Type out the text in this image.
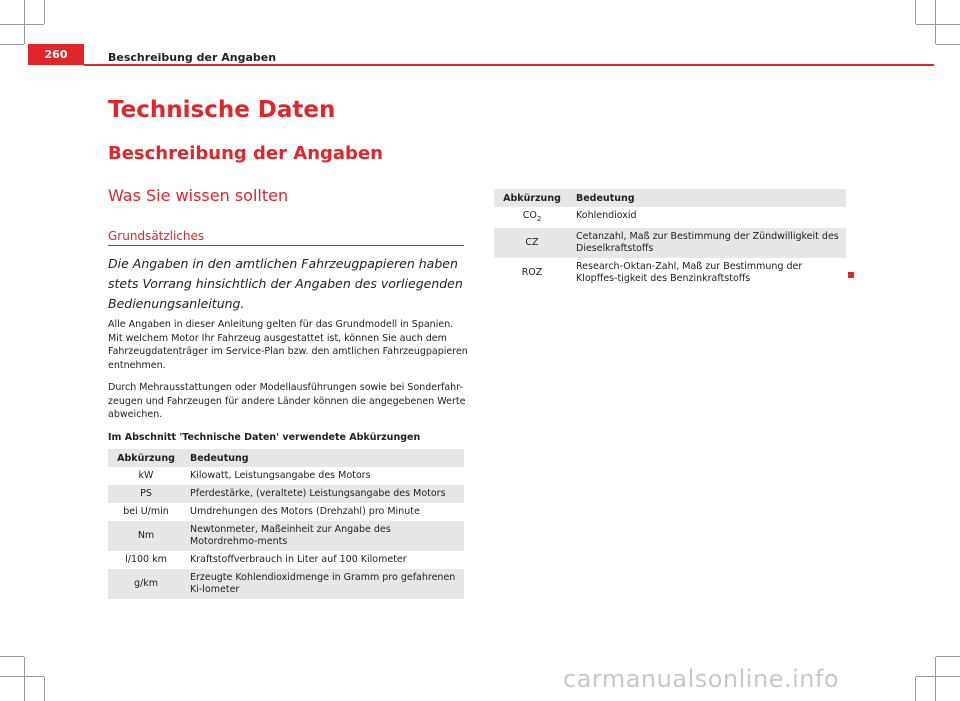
260	Beschreibung der Angaben
Technische Daten
Beschreibung der Angaben
Was Sie wissen sollten
Grundsätzliches
Die Angaben in den amtlichen Fahrzeugpapieren haben stets Vorrang hinsichtlich der Angaben des vorliegenden Bedienungsanleitung.
Alle Angaben in dieser Anleitung gelten für das Grundmodell in Spanien. Mit welchem Motor Ihr Fahrzeug ausgestattet ist, können Sie auch dem Fahrzeugdatenträger im Service-Plan bzw. den amtlichen Fahrzeugpapieren entnehmen.
Durch Mehrausstattungen oder Modellausführungen sowie bei Sonderfahr-zeugen und Fahrzeugen für andere Länder können die angegebenen Werte abweichen.
Im Abschnitt 'Technische Daten' verwendete Abkürzungen
Abkürzung	Bedeutung
kW	Kilowatt, Leistungsangabe des Motors
PS	Pferdestärke, (veraltete) Leistungsangabe des Motors
bei U/min	Umdrehungen des Motors (Drehzahl) pro Minute
Nm	Newtonmeter, Maßeinheit zur Angabe des Motordrehmo-ments
l/100 km	Kraftstoffverbrauch in Liter auf 100 Kilometer
g/km	Erzeugte Kohlendioxidmenge in Gramm pro gefahrenen Ki-lometer
Abkürzung	Bedeutung
$CO_2$	Kohlendioxid
CZ	Cetanzahl, Maß zur Bestimmung der Zündwilligkeit des Dieselkraftstoffs
ROZ	Research-Oktan-Zahl, Maß zur Bestimmung der Klopffes-tigkeit des Benzinkraftstoffs
carmanualsonline.info
